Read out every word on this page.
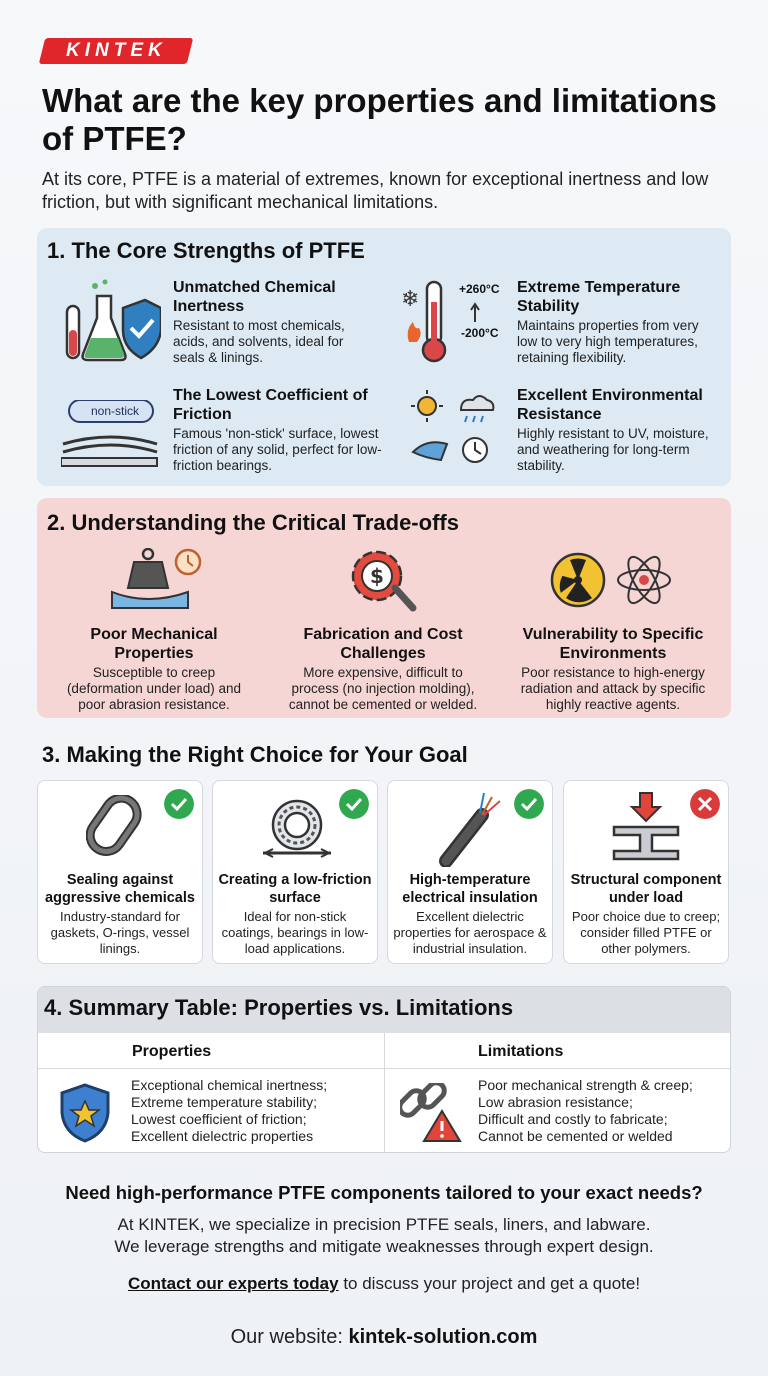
KINTEK
What are the key properties and limitations of PTFE?

At its core, PTFE is a material of extremes, known for exceptional inertness and low friction, but with significant mechanical limitations.

1. The Core Strengths of PTFE
Unmatched Chemical Inertness

Resistant to most chemicals, acids, and solvents, ideal for seals & linings.

❄	+260°C
-200°C
Extreme Temperature Stability

Maintains properties from very low to very high temperatures, retaining flexibility.

non-stick
The Lowest Coefficient of Friction

Famous 'non-stick' surface, lowest friction of any solid, perfect for low-friction bearings.

Excellent Environmental Resistance

Highly resistant to UV, moisture, and weathering for long-term stability.

2. Understanding the Critical Trade-offs
Poor Mechanical Properties

Susceptible to creep (deformation under load) and poor abrasion resistance.

$
Fabrication and Cost Challenges

More expensive, difficult to process (no injection molding), cannot be cemented or welded.

Vulnerability to Specific Environments

Poor resistance to high-energy radiation and attack by specific highly reactive agents.

3. Making the Right Choice for Your Goal
Sealing against aggressive chemicals

Industry-standard for gaskets, O-rings, vessel linings.

Creating a low-friction surface

Ideal for non-stick coatings, bearings in low-load applications.

High-temperature electrical insulation

Excellent dielectric properties for aerospace & industrial insulation.

Structural component under load

Poor choice due to creep; consider filled PTFE or other polymers.

4. Summary Table: Properties vs. Limitations
Properties	Limitations
Exceptional chemical inertness;
Extreme temperature stability;
Lowest coefficient of friction;
Excellent dielectric properties
Poor mechanical strength & creep;
Low abrasion resistance;
Difficult and costly to fabricate;
Cannot be cemented or welded
Need high-performance PTFE components tailored to your exact needs?
At KINTEK, we specialize in precision PTFE seals, liners, and labware.
We leverage strengths and mitigate weaknesses through expert design.
Contact our experts today to discuss your project and get a quote!
Our website: kintek-solution.com
